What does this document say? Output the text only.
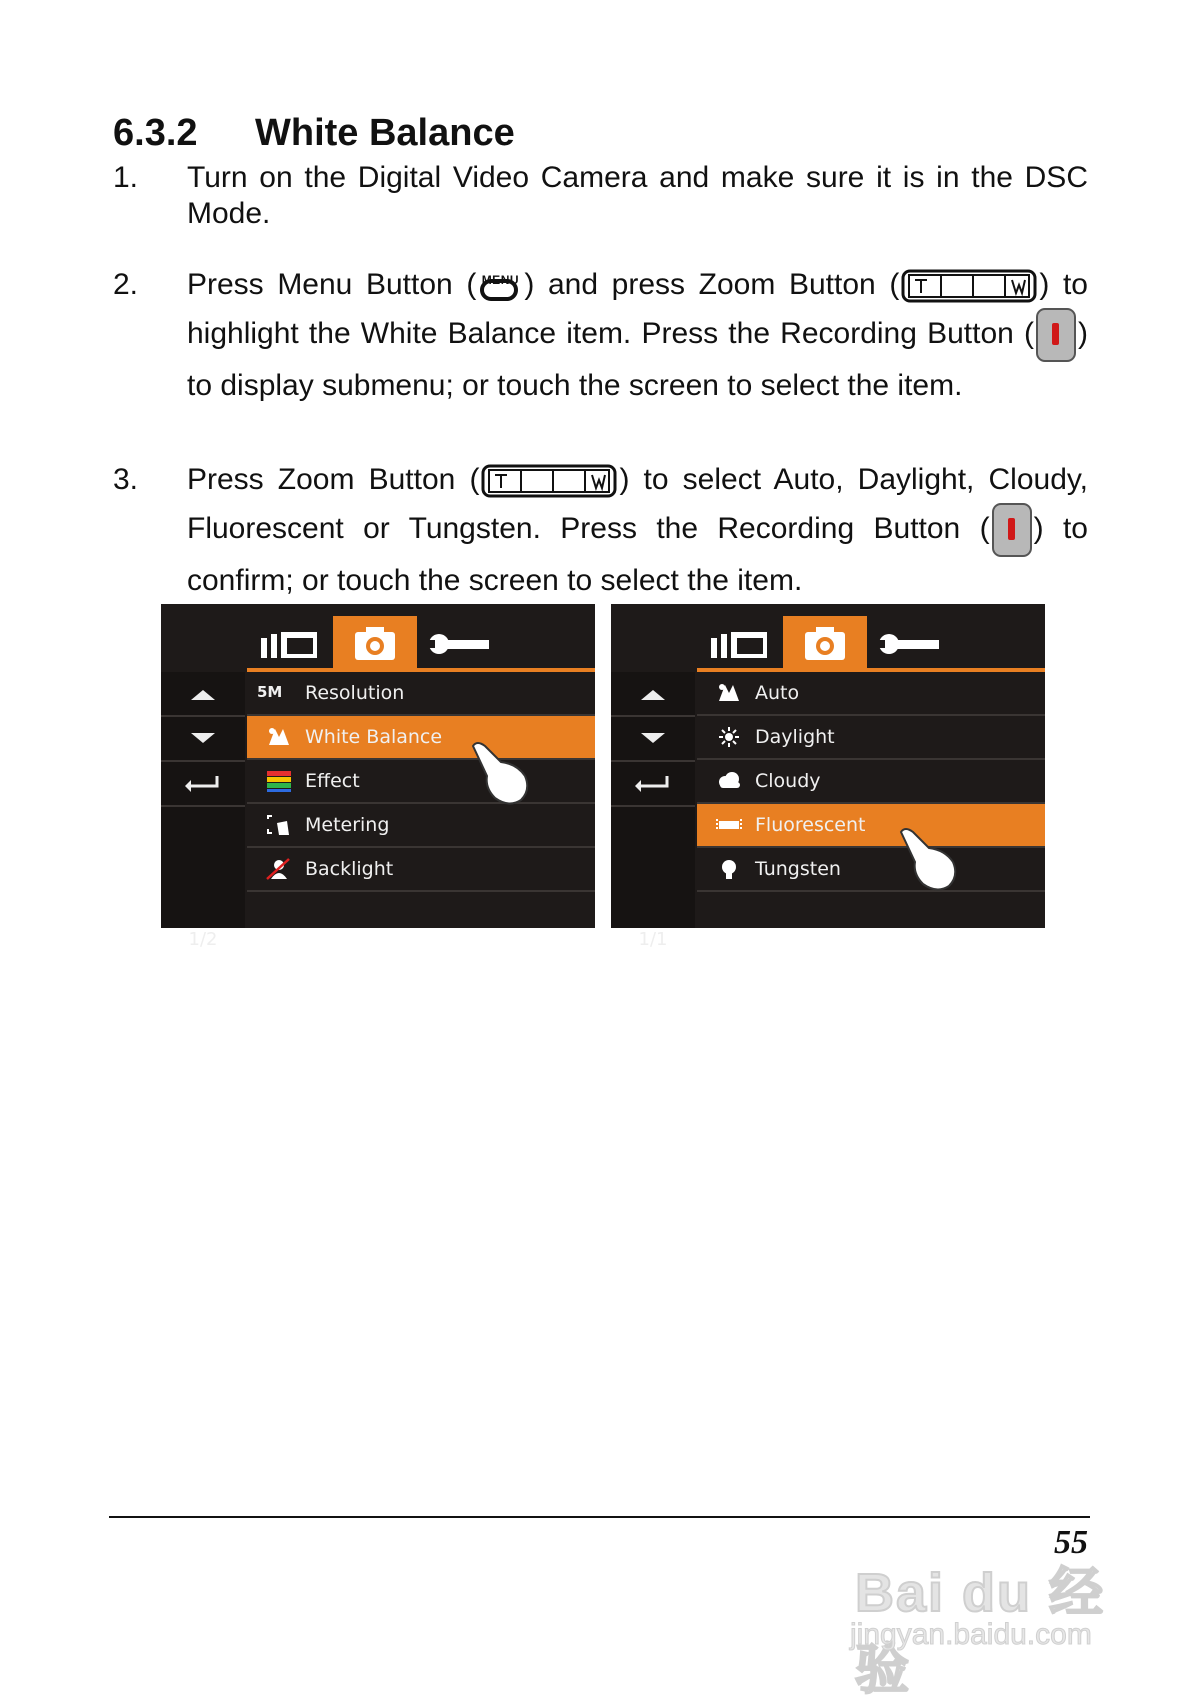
6.3.2 White Balance
1. Turn on the Digital Video Camera and make sure it is in the DSC Mode.
2. Press Menu Button ( MENU ) and press Zoom Button (	) to highlight the White Balance item. Press the Recording Button ( ) to display submenu; or touch the screen to select the item.
3. Press Zoom Button (	) to select Auto, Daylight, Cloudy, Fluorescent or Tungsten. Press the Recording Button ( ) to confirm; or touch the screen to select the item.
1/2
5M	Resolution
White Balance
Effect
Metering
Backlight
1/1
Auto
Daylight
Cloudy
Fluorescent
Tungsten
55
Bai du 经验
jingyan.baidu.com
